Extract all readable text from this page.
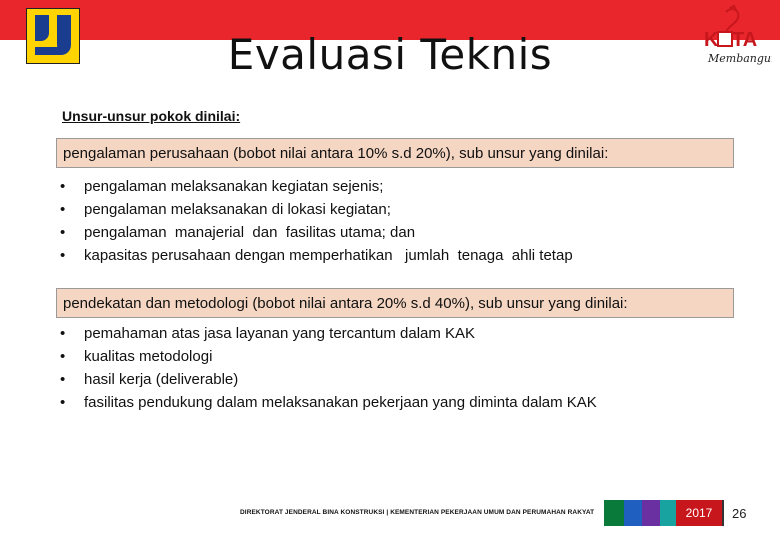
K TA
Membangun
Evaluasi Teknis
Unsur-unsur pokok dinilai:
pengalaman perusahaan (bobot nilai antara 10% s.d 20%), sub unsur yang dinilai:
• pengalaman melaksanakan kegiatan sejenis;
• pengalaman melaksanakan di lokasi kegiatan;
• pengalaman  manajerial  dan  fasilitas utama; dan
• kapasitas perusahaan dengan memperhatikan   jumlah  tenaga  ahli tetap
pendekatan dan metodologi (bobot nilai antara 20% s.d 40%), sub unsur yang dinilai:
• pemahaman atas jasa layanan yang tercantum dalam KAK
• kualitas metodologi
• hasil kerja (deliverable)
• fasilitas pendukung dalam melaksanakan pekerjaan yang diminta dalam KAK
DIREKTORAT JENDERAL BINA KONSTRUKSI | KEMENTERIAN PEKERJAAN UMUM DAN PERUMAHAN RAKYAT	2017	26
